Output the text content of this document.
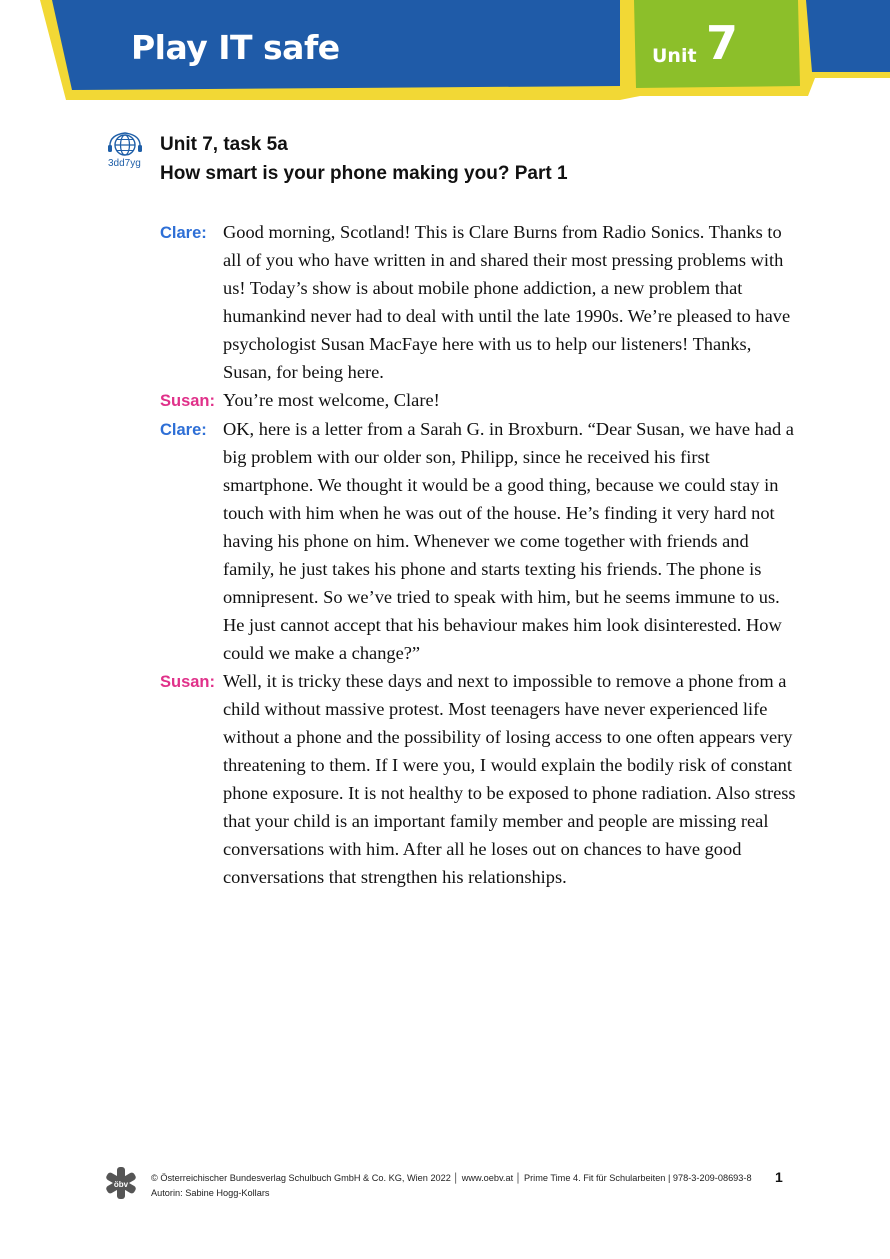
Play IT safe	Unit 7
3dd7yg
Unit 7, task 5a
How smart is your phone making you? Part 1
Clare: Good morning, Scotland! This is Clare Burns from Radio Sonics. Thanks to all of you who have written in and shared their most pressing problems with us! Today’s show is about mobile phone addiction, a new problem that humankind never had to deal with until the late 1990s. We’re pleased to have psychologist Susan MacFaye here with us to help our listeners! Thanks, Susan, for being here.
Susan: You’re most welcome, Clare!
Clare: OK, here is a letter from a Sarah G. in Broxburn. “Dear Susan, we have had a big problem with our older son, Philipp, since he received his first smartphone. We thought it would be a good thing, because we could stay in touch with him when he was out of the house. He’s finding it very hard not having his phone on him. Whenever we come together with friends and family, he just takes his phone and starts texting his friends. The phone is omnipresent. So we’ve tried to speak with him, but he seems immune to us. He just cannot accept that his behaviour makes him look disinterested. How could we make a change?”
Susan: Well, it is tricky these days and next to impossible to remove a phone from a child without massive protest. Most teenagers have never experienced life without a phone and the possibility of losing access to one often appears very threatening to them. If I were you, I would explain the bodily risk of constant phone exposure. It is not healthy to be exposed to phone radiation. Also stress that your child is an important family member and people are missing real conversations with him. After all he loses out on chances to have good conversations that strengthen his relationships.
öbv
© Österreichischer Bundesverlag Schulbuch GmbH & Co. KG, Wien 2022 │ www.oebv.at │ Prime Time 4. Fit für Schularbeiten | 978-3-209-08693-8
Autorin: Sabine Hogg-Kollars
1
